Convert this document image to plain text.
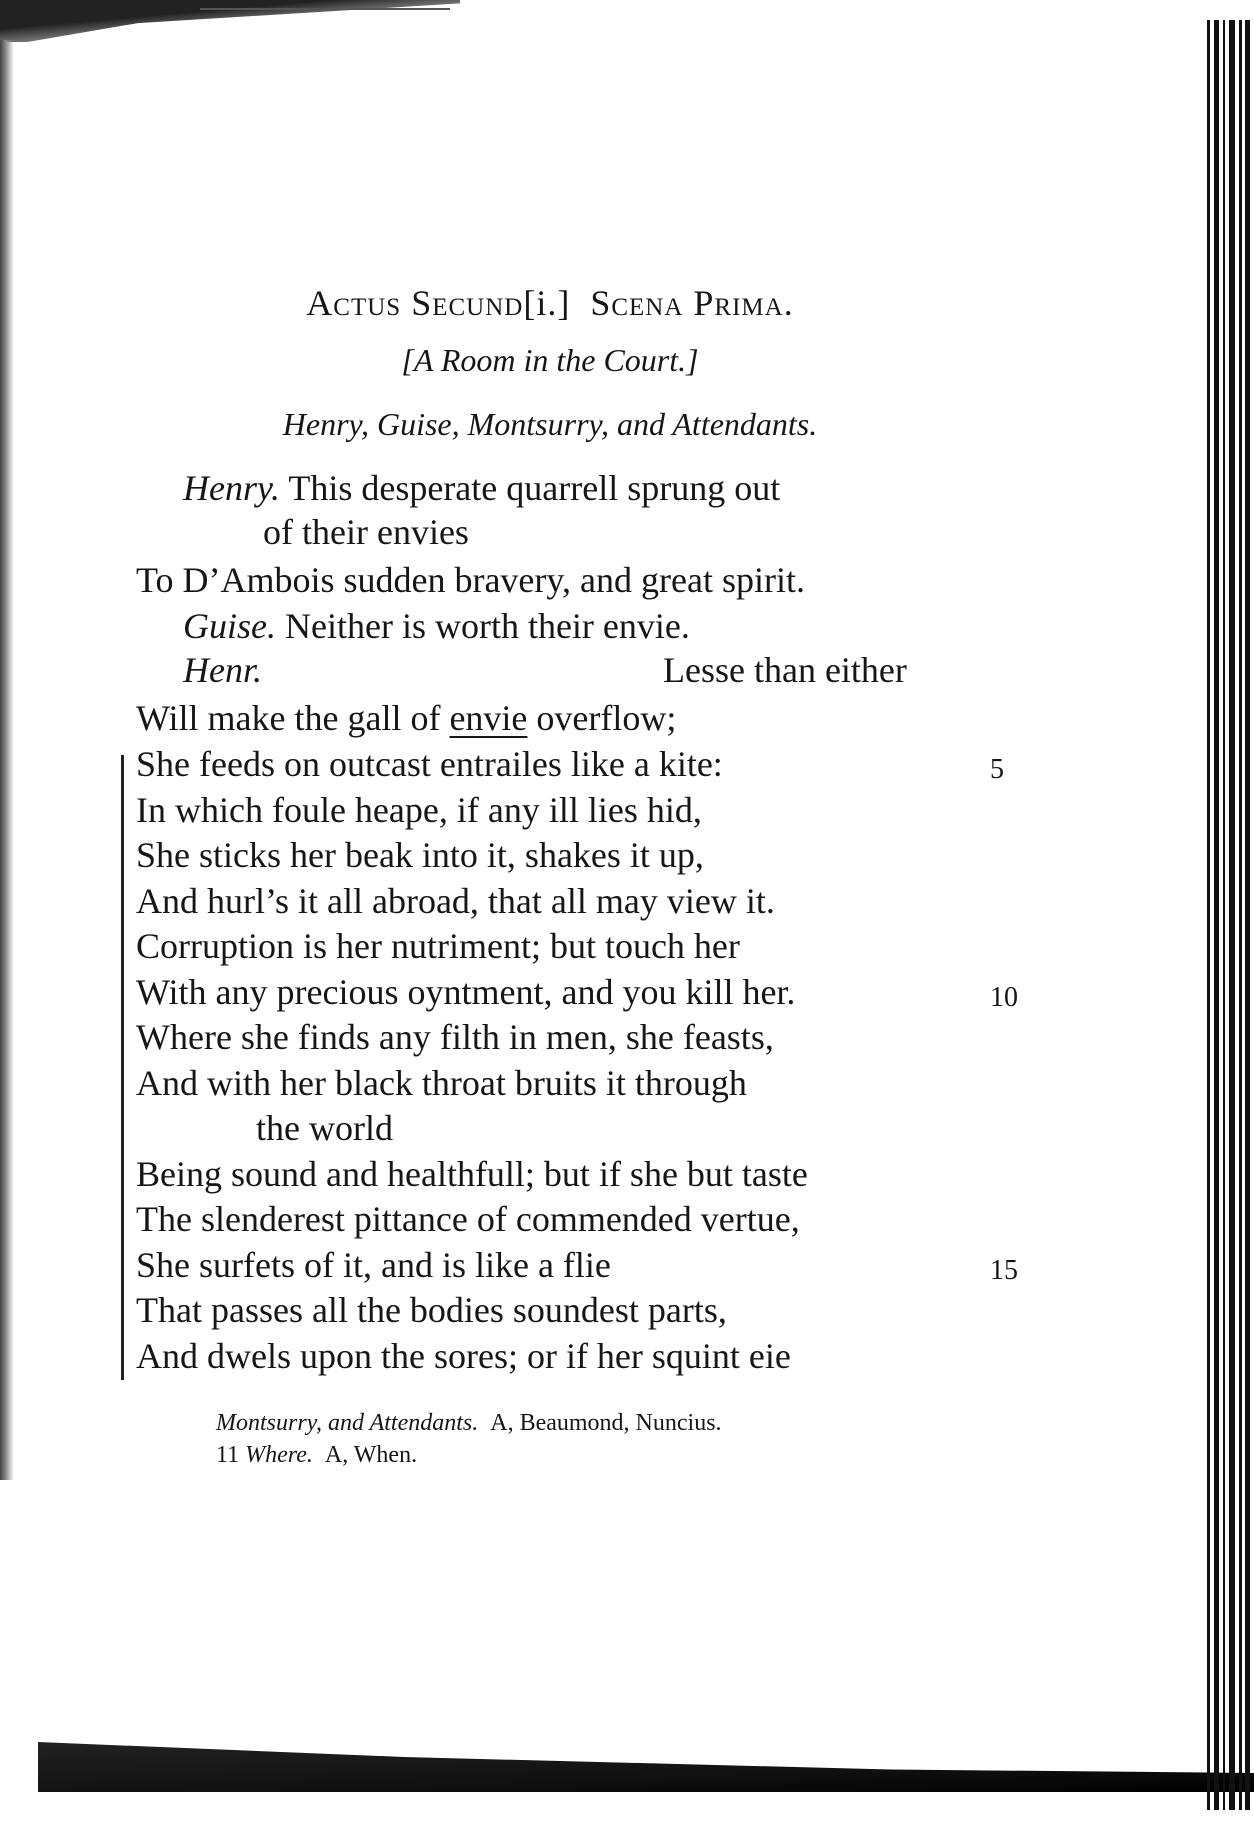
Actus Secund[i.] Scena Prima.
[A Room in the Court.]
Henry, Guise, Montsurry, and Attendants.
Henry. This desperate quarrell sprung out
of their envies
To D’Ambois sudden bravery, and great spirit.
Guise. Neither is worth their envie.
Henr.	Lesse than either
Will make the gall of envie overflow;
She feeds on outcast entrailes like a kite:	5
In which foule heape, if any ill lies hid,
She sticks her beak into it, shakes it up,
And hurl’s it all abroad, that all may view it.
Corruption is her nutriment; but touch her
With any precious oyntment, and you kill her.	10
Where she finds any filth in men, she feasts,
And with her black throat bruits it through
the world
Being sound and healthfull; but if she but taste
The slenderest pittance of commended vertue,
She surfets of it, and is like a flie	15
That passes all the bodies soundest parts,
And dwels upon the sores; or if her squint eie
Montsurry, and Attendants. A, Beaumond, Nuncius.
11 Where. A, When.
